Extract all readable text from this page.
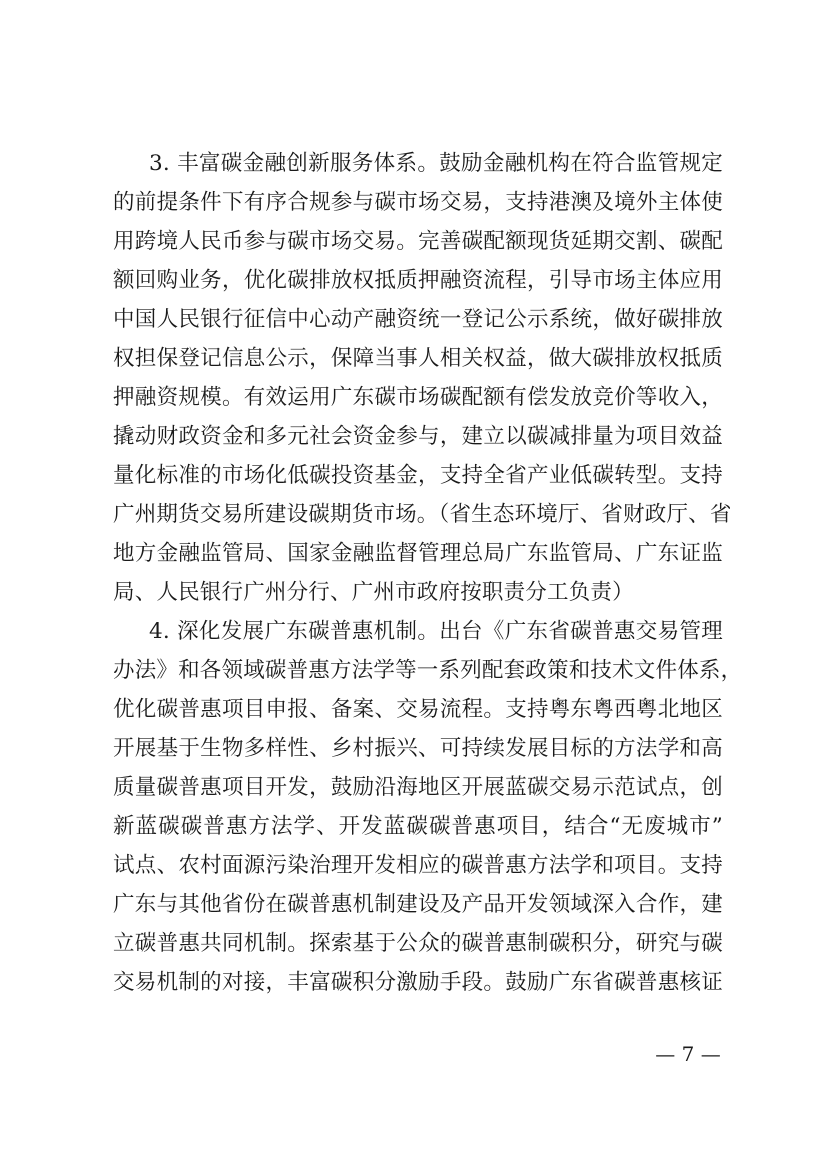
3. 丰富碳金融创新服务体系。鼓励金融机构在符合监管规定
的前提条件下有序合规参与碳市场交易，支持港澳及境外主体使
用跨境人民币参与碳市场交易。完善碳配额现货延期交割、碳配
额回购业务，优化碳排放权抵质押融资流程，引导市场主体应用
中国人民银行征信中心动产融资统一登记公示系统，做好碳排放
权担保登记信息公示，保障当事人相关权益，做大碳排放权抵质
押融资规模。有效运用广东碳市场碳配额有偿发放竞价等收入，
撬动财政资金和多元社会资金参与，建立以碳减排量为项目效益
量化标准的市场化低碳投资基金，支持全省产业低碳转型。支持
广州期货交易所建设碳期货市场。（省生态环境厅、省财政厅、省
地方金融监管局、国家金融监督管理总局广东监管局、广东证监
局、人民银行广州分行、广州市政府按职责分工负责）
4. 深化发展广东碳普惠机制。出台《广东省碳普惠交易管理
办法》和各领域碳普惠方法学等一系列配套政策和技术文件体系，
优化碳普惠项目申报、备案、交易流程。支持粤东粤西粤北地区
开展基于生物多样性、乡村振兴、可持续发展目标的方法学和高
质量碳普惠项目开发，鼓励沿海地区开展蓝碳交易示范试点，创
新蓝碳碳普惠方法学、开发蓝碳碳普惠项目，结合“无废城市”
试点、农村面源污染治理开发相应的碳普惠方法学和项目。支持
广东与其他省份在碳普惠机制建设及产品开发领域深入合作，建
立碳普惠共同机制。探索基于公众的碳普惠制碳积分，研究与碳
交易机制的对接，丰富碳积分激励手段。鼓励广东省碳普惠核证
— 7 —
